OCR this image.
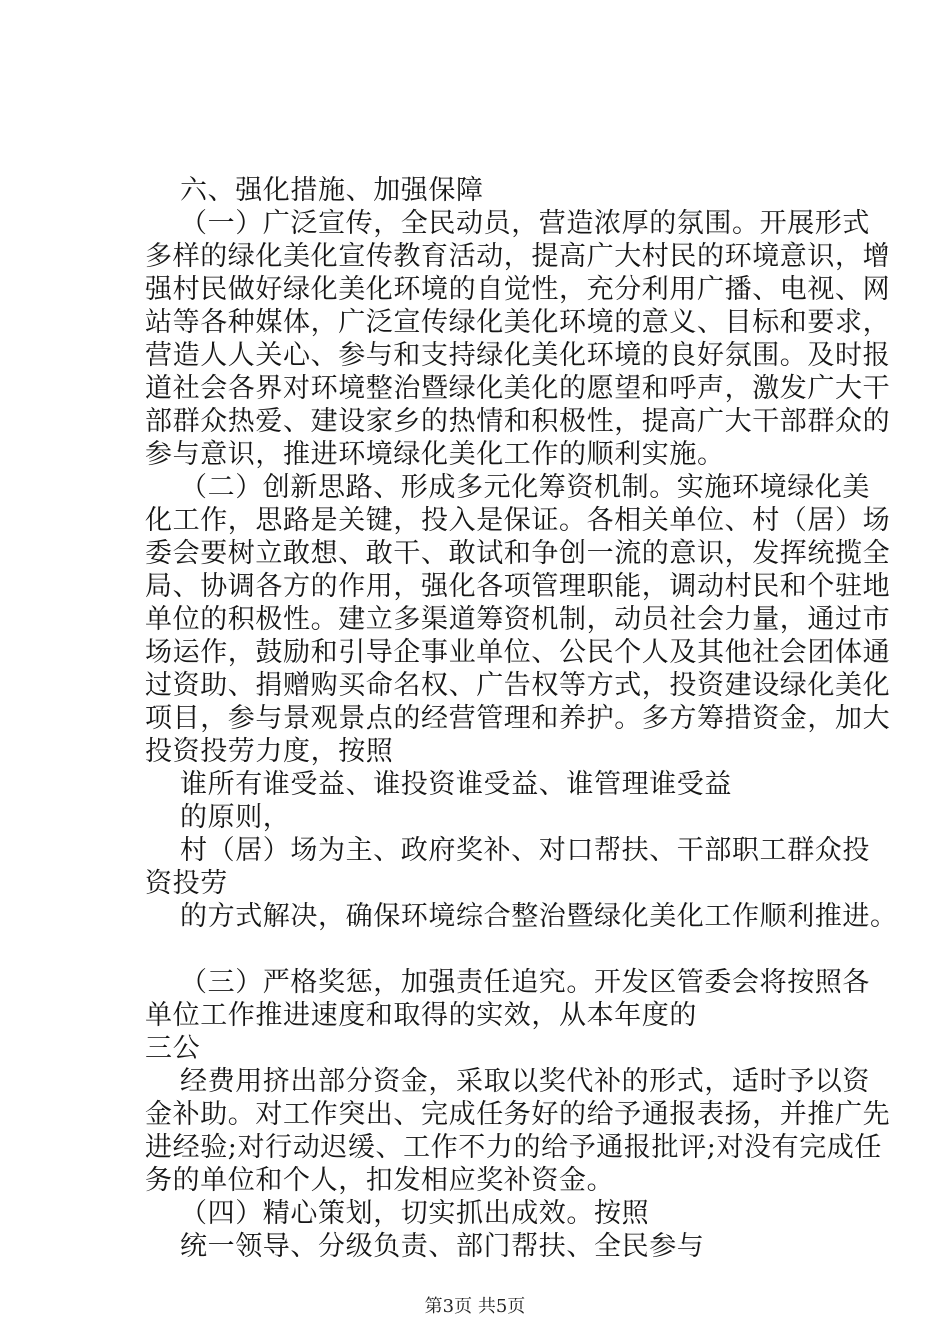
六、强化措施、加强保障
（一）广泛宣传，全民动员，营造浓厚的氛围。开展形式
多样的绿化美化宣传教育活动，提高广大村民的环境意识，增
强村民做好绿化美化环境的自觉性，充分利用广播、电视、网
站等各种媒体，广泛宣传绿化美化环境的意义、目标和要求，
营造人人关心、参与和支持绿化美化环境的良好氛围。及时报
道社会各界对环境整治暨绿化美化的愿望和呼声，激发广大干
部群众热爱、建设家乡的热情和积极性，提高广大干部群众的
参与意识，推进环境绿化美化工作的顺利实施。
（二）创新思路、形成多元化筹资机制。实施环境绿化美
化工作，思路是关键，投入是保证。各相关单位、村（居）场
委会要树立敢想、敢干、敢试和争创一流的意识，发挥统揽全
局、协调各方的作用，强化各项管理职能，调动村民和个驻地
单位的积极性。建立多渠道筹资机制，动员社会力量，通过市
场运作，鼓励和引导企事业单位、公民个人及其他社会团体通
过资助、捐赠购买命名权、广告权等方式，投资建设绿化美化
项目，参与景观景点的经营管理和养护。多方筹措资金，加大
投资投劳力度，按照
谁所有谁受益、谁投资谁受益、谁管理谁受益
的原则，
村（居）场为主、政府奖补、对口帮扶、干部职工群众投
资投劳
的方式解决，确保环境综合整治暨绿化美化工作顺利推进。
（三）严格奖惩，加强责任追究。开发区管委会将按照各
单位工作推进速度和取得的实效，从本年度的
三公
经费用挤出部分资金，采取以奖代补的形式，适时予以资
金补助。对工作突出、完成任务好的给予通报表扬，并推广先
进经验;对行动迟缓、工作不力的给予通报批评;对没有完成任
务的单位和个人，扣发相应奖补资金。
（四）精心策划，切实抓出成效。按照
统一领导、分级负责、部门帮扶、全民参与
第3页 共5页
